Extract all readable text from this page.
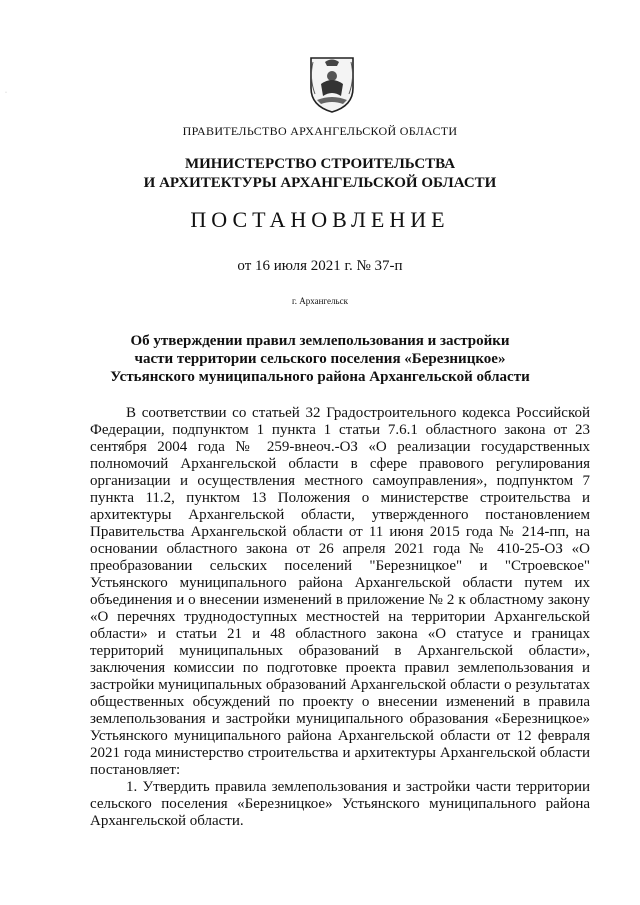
·
ПРАВИТЕЛЬСТВО АРХАНГЕЛЬСКОЙ ОБЛАСТИ
МИНИСТЕРСТВО СТРОИТЕЛЬСТВА
И АРХИТЕКТУРЫ АРХАНГЕЛЬСКОЙ ОБЛАСТИ
ПОСТАНОВЛЕНИЕ
от 16 июля 2021 г. № 37-п
г. Архангельск
Об утверждении правил землепользования и застройки
части территории сельского поселения «Березницкое»
Устьянского муниципального района Архангельской области

В соответствии со статьей 32 Градостроительного кодекса Российской Федерации, подпунктом 1 пункта 1 статьи 7.6.1 областного закона от 23 сентября 2004 года № 259-внеоч.-ОЗ «О реализации государственных полномочий Архангельской области в сфере правового регулирования организации и осуществления местного самоуправления», подпунктом 7 пункта 11.2, пунктом 13 Положения о министерстве строительства и архитектуры Архангельской области, утвержденного постановлением Правительства Архангельской области от 11 июня 2015 года № 214-пп, на основании областного закона от 26 апреля 2021 года № 410-25-ОЗ «О преобразовании сельских поселений "Березницкое" и "Строевское" Устьянского муниципального района Архангельской области путем их объединения и о внесении изменений в приложение № 2 к областному закону «О перечнях труднодоступных местностей на территории Архангельской области» и статьи 21 и 48 областного закона «О статусе и границах территорий муниципальных образований в Архангельской области», заключения комиссии по подготовке проекта правил землепользования и застройки муниципальных образований Архангельской области о результатах общественных обсуждений по проекту о внесении изменений в правила землепользования и застройки муниципального образования «Березницкое» Устьянского муниципального района Архангельской области от 12 февраля 2021 года министерство строительства и архитектуры Архангельской области постановляет:

1. Утвердить правила землепользования и застройки части территории сельского поселения «Березницкое» Устьянского муниципального района Архангельской области.
